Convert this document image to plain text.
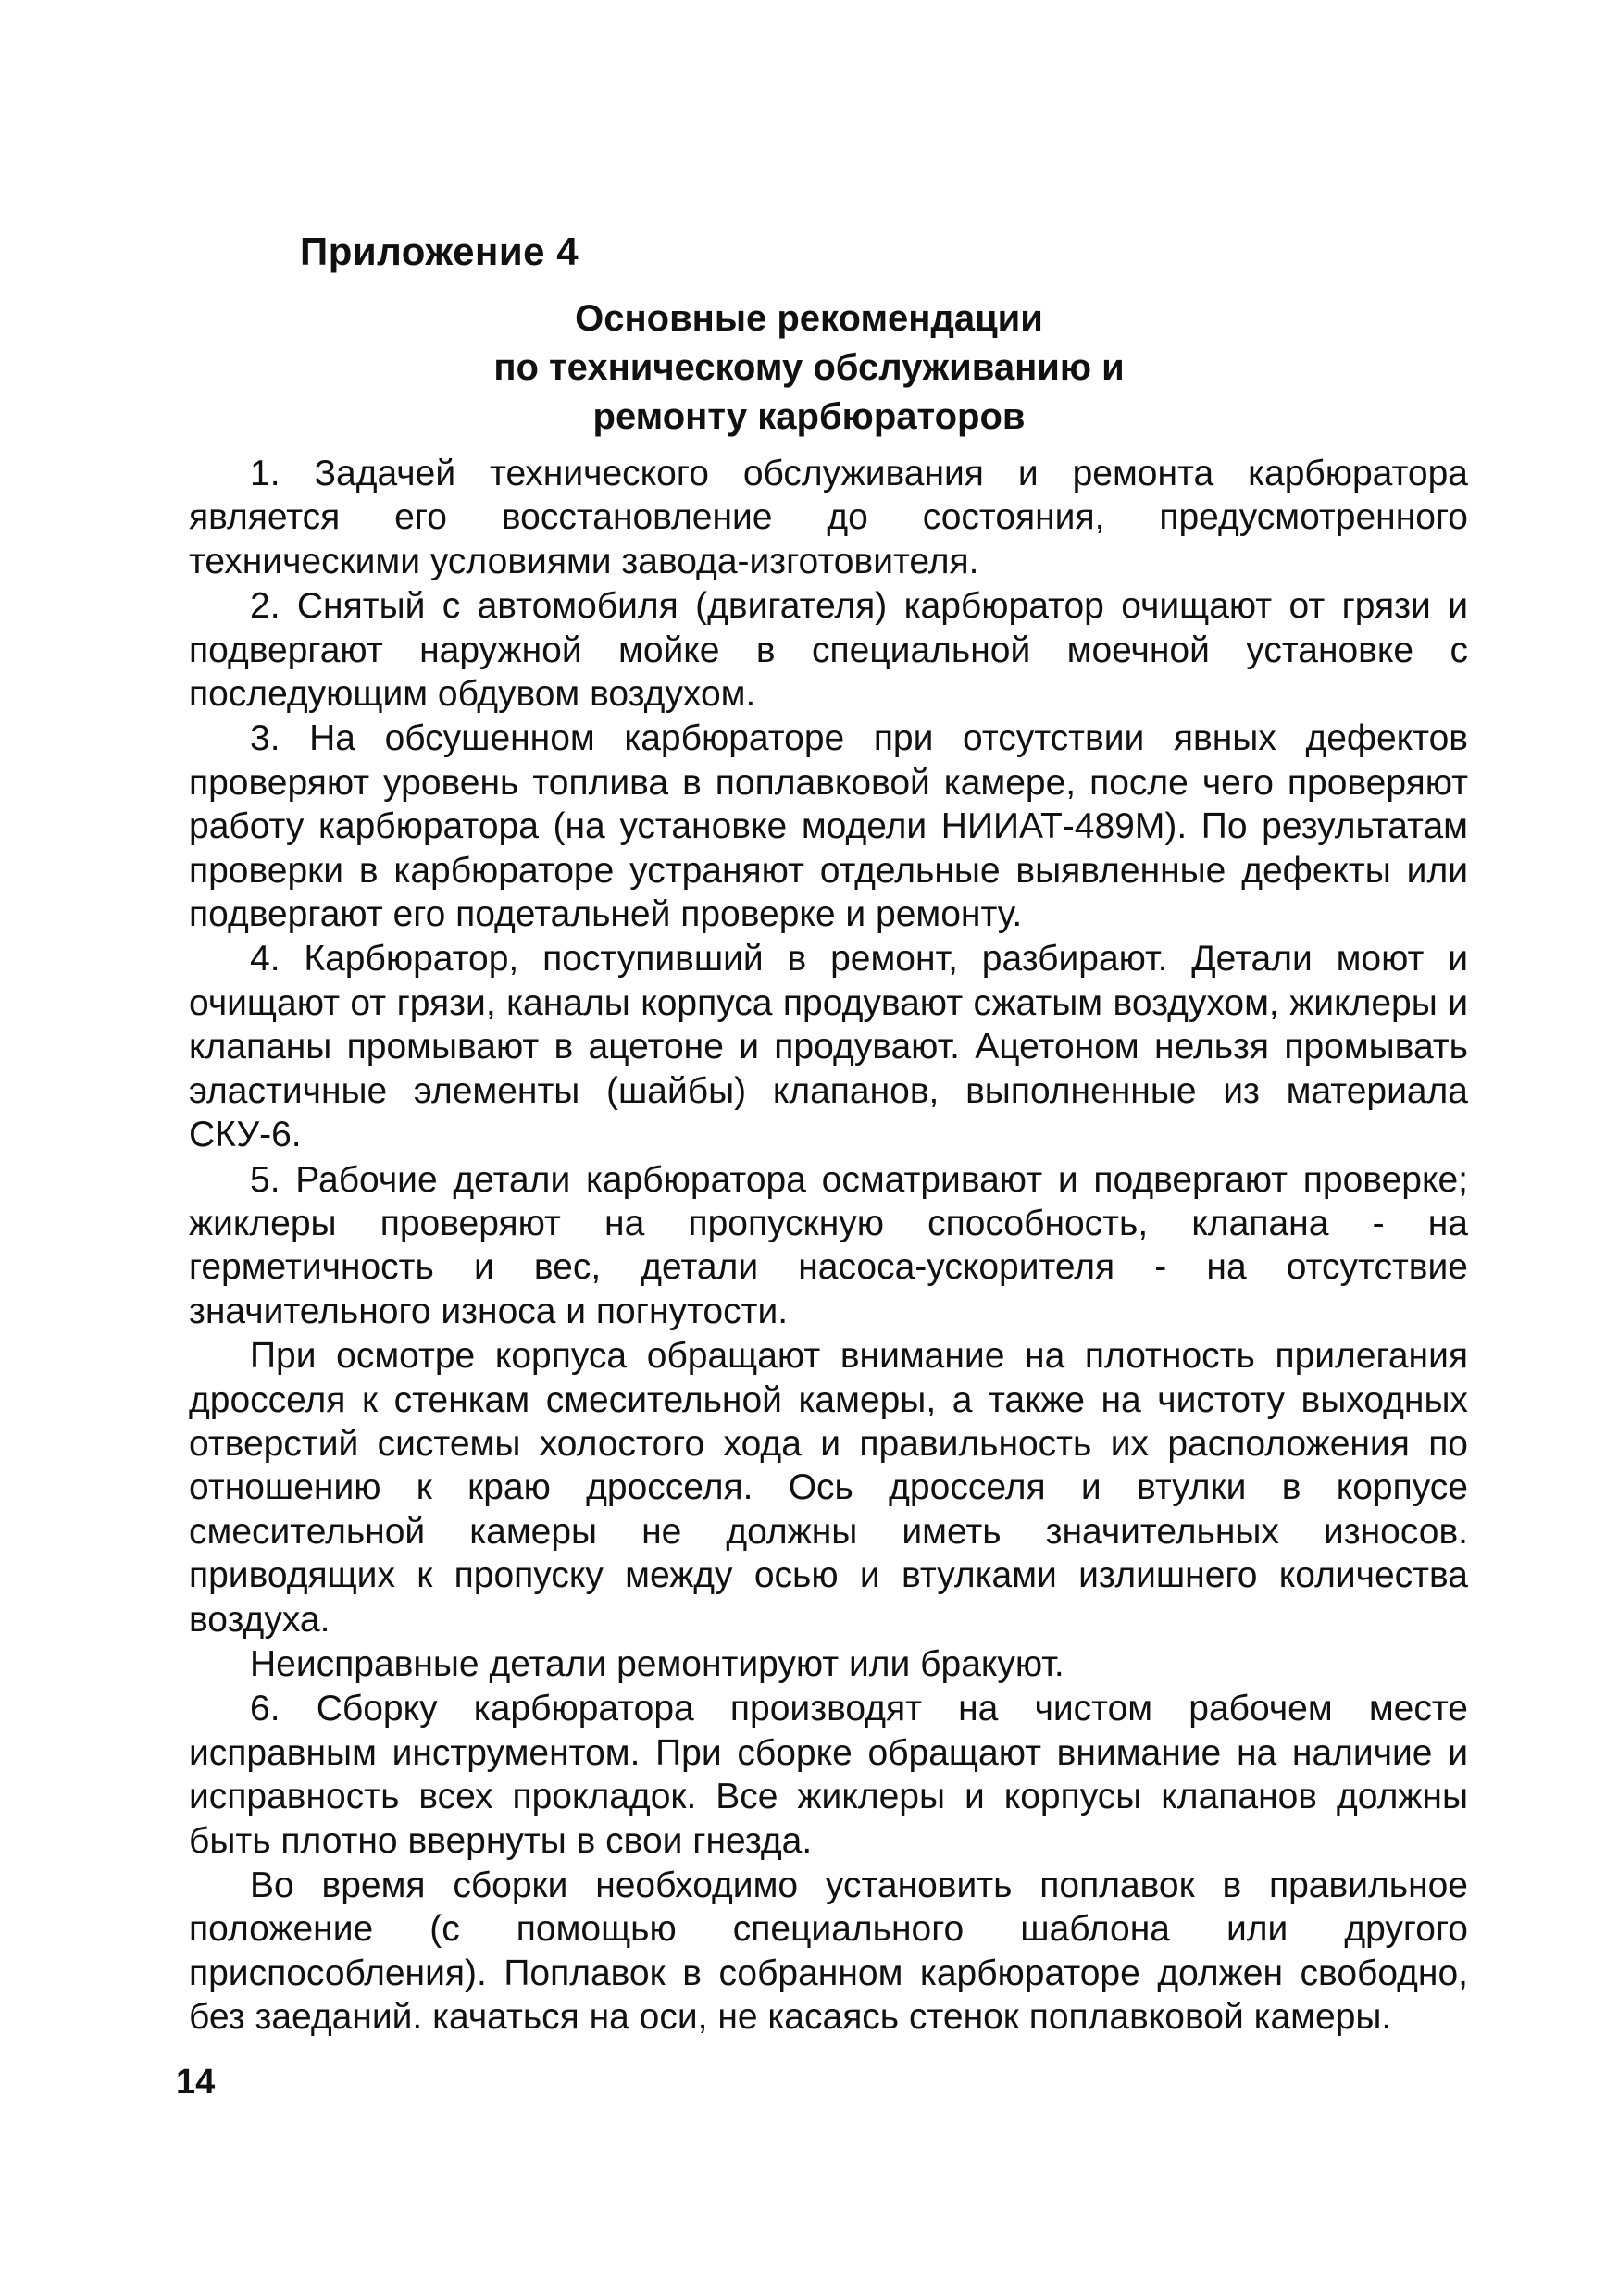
Приложение 4
Основные рекомендации
по техническому обслуживанию и
ремонту карбюраторов

1. Задачей технического обслуживания и ремонта карбюратора является его восстановление до состояния, предусмотренного техническими условиями завода-изготовителя.

2. Снятый с автомобиля (двигателя) карбюратор очищают от грязи и подвергают наружной мойке в специальной моечной установке с последующим обдувом воздухом.

3. На обсушенном карбюраторе при отсутствии явных дефектов проверяют уровень топлива в поплавковой камере, после чего проверяют работу карбюратора (на установке модели НИИАТ-489М). По результатам проверки в карбюраторе устраняют отдельные выявленные дефекты или подвергают его подетальней проверке и ремонту.

4. Карбюратор, поступивший в ремонт, разбирают. Детали моют и очищают от грязи, каналы корпуса продувают сжатым воздухом, жиклеры и клапаны промывают в ацетоне и продувают. Ацетоном нельзя промывать эластичные элементы (шайбы) клапанов, выполненные из материала СКУ-6.

5. Рабочие детали карбюратора осматривают и подвергают проверке; жиклеры проверяют на пропускную способность, клапана - на герметичность и вес, детали насоса-ускорителя - на отсутствие значительного износа и погнутости.

При осмотре корпуса обращают внимание на плотность прилегания дросселя к стенкам смесительной камеры, а также на чистоту выходных отверстий системы холостого хода и правильность их расположения по отношению к краю дросселя. Ось дросселя и втулки в корпусе смесительной камеры не должны иметь значительных износов. приводящих к пропуску между осью и втулками излишнего количества воздуха.

Неисправные детали ремонтируют или бракуют.

6. Сборку карбюратора производят на чистом рабочем месте исправным инструментом. При сборке обращают внимание на наличие и исправность всех прокладок. Все жиклеры и корпусы клапанов должны быть плотно ввернуты в свои гнезда.

Во время сборки необходимо установить поплавок в правильное положение (с помощью специального шаблона или другого приспособления). Поплавок в собранном карбюраторе должен свободно, без заеданий. качаться на оси, не касаясь стенок поплавковой камеры.

14
